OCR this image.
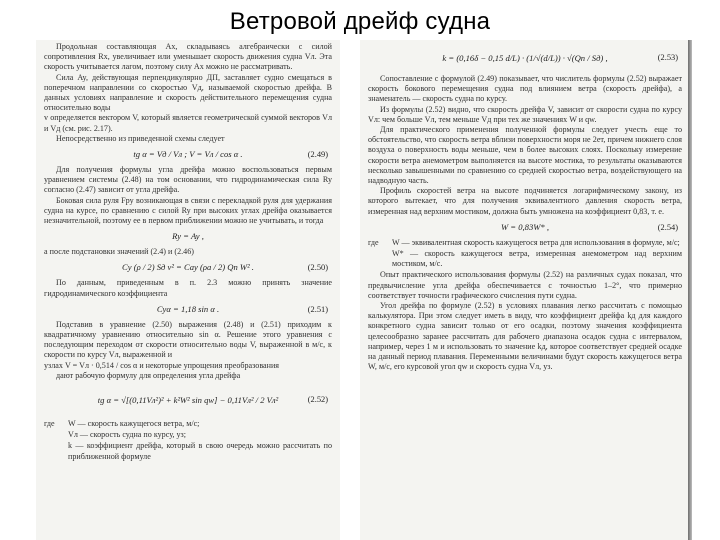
Ветровой дрейф судна

Продольная составляющая Ax, складываясь алгебраически с силой сопротивления Rx, увеличивает или уменьшает скорость движения судна Vл. Эта скорость учитывается лагом, поэтому силу Ax можно не рассматривать.

Сила Ay, действующая перпендикулярно ДП, заставляет судно смещаться в поперечном направлении со скоростью Vд, называемой скоростью дрейфа. В данных условиях направление и скорость действительного перемещения судна относительно воды

v определяется вектором V, который является геометрической суммой векторов Vл и Vд (см. рис. 2.17).

Непосредственно из приведенной схемы следует

tg α = Vд / Vл ; V = Vл / cos α .	(2.49)

Для получения формулы угла дрейфа можно воспользоваться первым уравнением системы (2.48) на том основании, что гидродинамическая сила Ry согласно (2.47) зависит от угла дрейфа.

Боковая сила руля Fру возникающая в связи с перекладкой руля для удержания судна на курсе, по сравнению с силой Ry при высоких углах дрейфа оказывается незначительной, поэтому ее в первом приближении можно не учитывать, и тогда

Ry = Ay ,

а после подстановки значений (2.4) и (2.46)

Cy (ρ / 2) Sд v² = Cay (ρa / 2) Qп W² .	(2.50)

По данным, приведенным в п. 2.3 можно принять значение гидродинамического коэффициента

Cyα = 1,18 sin α .	(2.51)

Подставив в уравнение (2.50) выражения (2.48) и (2.51) приходим к квадратичному уравнению относительно sin α. Решение этого уравнения с последующим переходом от скорости относительно воды V, выраженной в м/с, к скорости по курсу Vл, выраженной и

узлах V = Vл · 0,514 / cos α и некоторые упрощения преобразования

дают рабочую формулу для определения угла дрейфа

tg α = √[(0,11Vл²)² + k²W² sin qw] − 0,11Vл² / 2 Vл²	(2.52)
где	W — скорость кажущегося ветра, м/с;
Vл — скорость судна по курсу, уз;
k — коэффициент дрейфа, который в свою очередь можно рассчитать по приближенной формуле
k = (0,16δ − 0,15 d/L) · (1/√(d/L)) · √(Qп / Sд) ,	(2.53)

Сопоставление с формулой (2.49) показывает, что числитель формулы (2.52) выражает скорость бокового перемещения судна под влиянием ветра (скорость дрейфа), а знаменатель — скорость судна по курсу.

Из формулы (2.52) видно, что скорость дрейфа V, зависит от скорости судна по курсу Vл: чем больше Vл, тем меньше Vд при тех же значениях W и qw.

Для практического применения полученной формулы следует учесть еще то обстоятельство, что скорость ветра вблизи поверхности моря не 2ет, причем нижнего слоя воздуха о поверхность воды меньше, чем в более высоких слоях. Поскольку измерение скорости ветра анемометром выполняется на высоте мостика, то результаты оказываются несколько завышенными по сравнению со средней скоростью ветра, воздействующего на надводную часть.

Профиль скоростей ветра на высоте подчиняется логарифмическому закону, из которого вытекает, что для получения эквивалентного давления скорость ветра, измеренная над верхним мостиком, должна быть умножена на коэффициент 0,83, т. е.

W = 0,83W* ,	(2.54)
где	W — эквивалентная скорость кажущегося ветра для использования в формуле, м/с;
W* — скорость кажущегося ветра, измеренная анемометром над верхним мостиком, м/с.

Опыт практического использования формулы (2.52) на различных судах показал, что предвычисление угла дрейфа обеспечивается с точностью 1–2°, что примерно соответствует точности графического счисления пути судна.

Угол дрейфа по формуле (2.52) в условиях плавания легко рассчитать с помощью калькулятора. При этом следует иметь в виду, что коэффициент дрейфа kд для каждого конкретного судна зависит только от его осадки, поэтому значения коэффициента целесообразно заранее рассчитать для рабочего диапазона осадок судна с интервалом, например, через 1 м и использовать то значение kд, которое соответствует средней осадке на данный период плавания. Переменными величинами будут скорость кажущегося ветра W, м/с, его курсовой угол qw и скорость судна Vл, уз.
